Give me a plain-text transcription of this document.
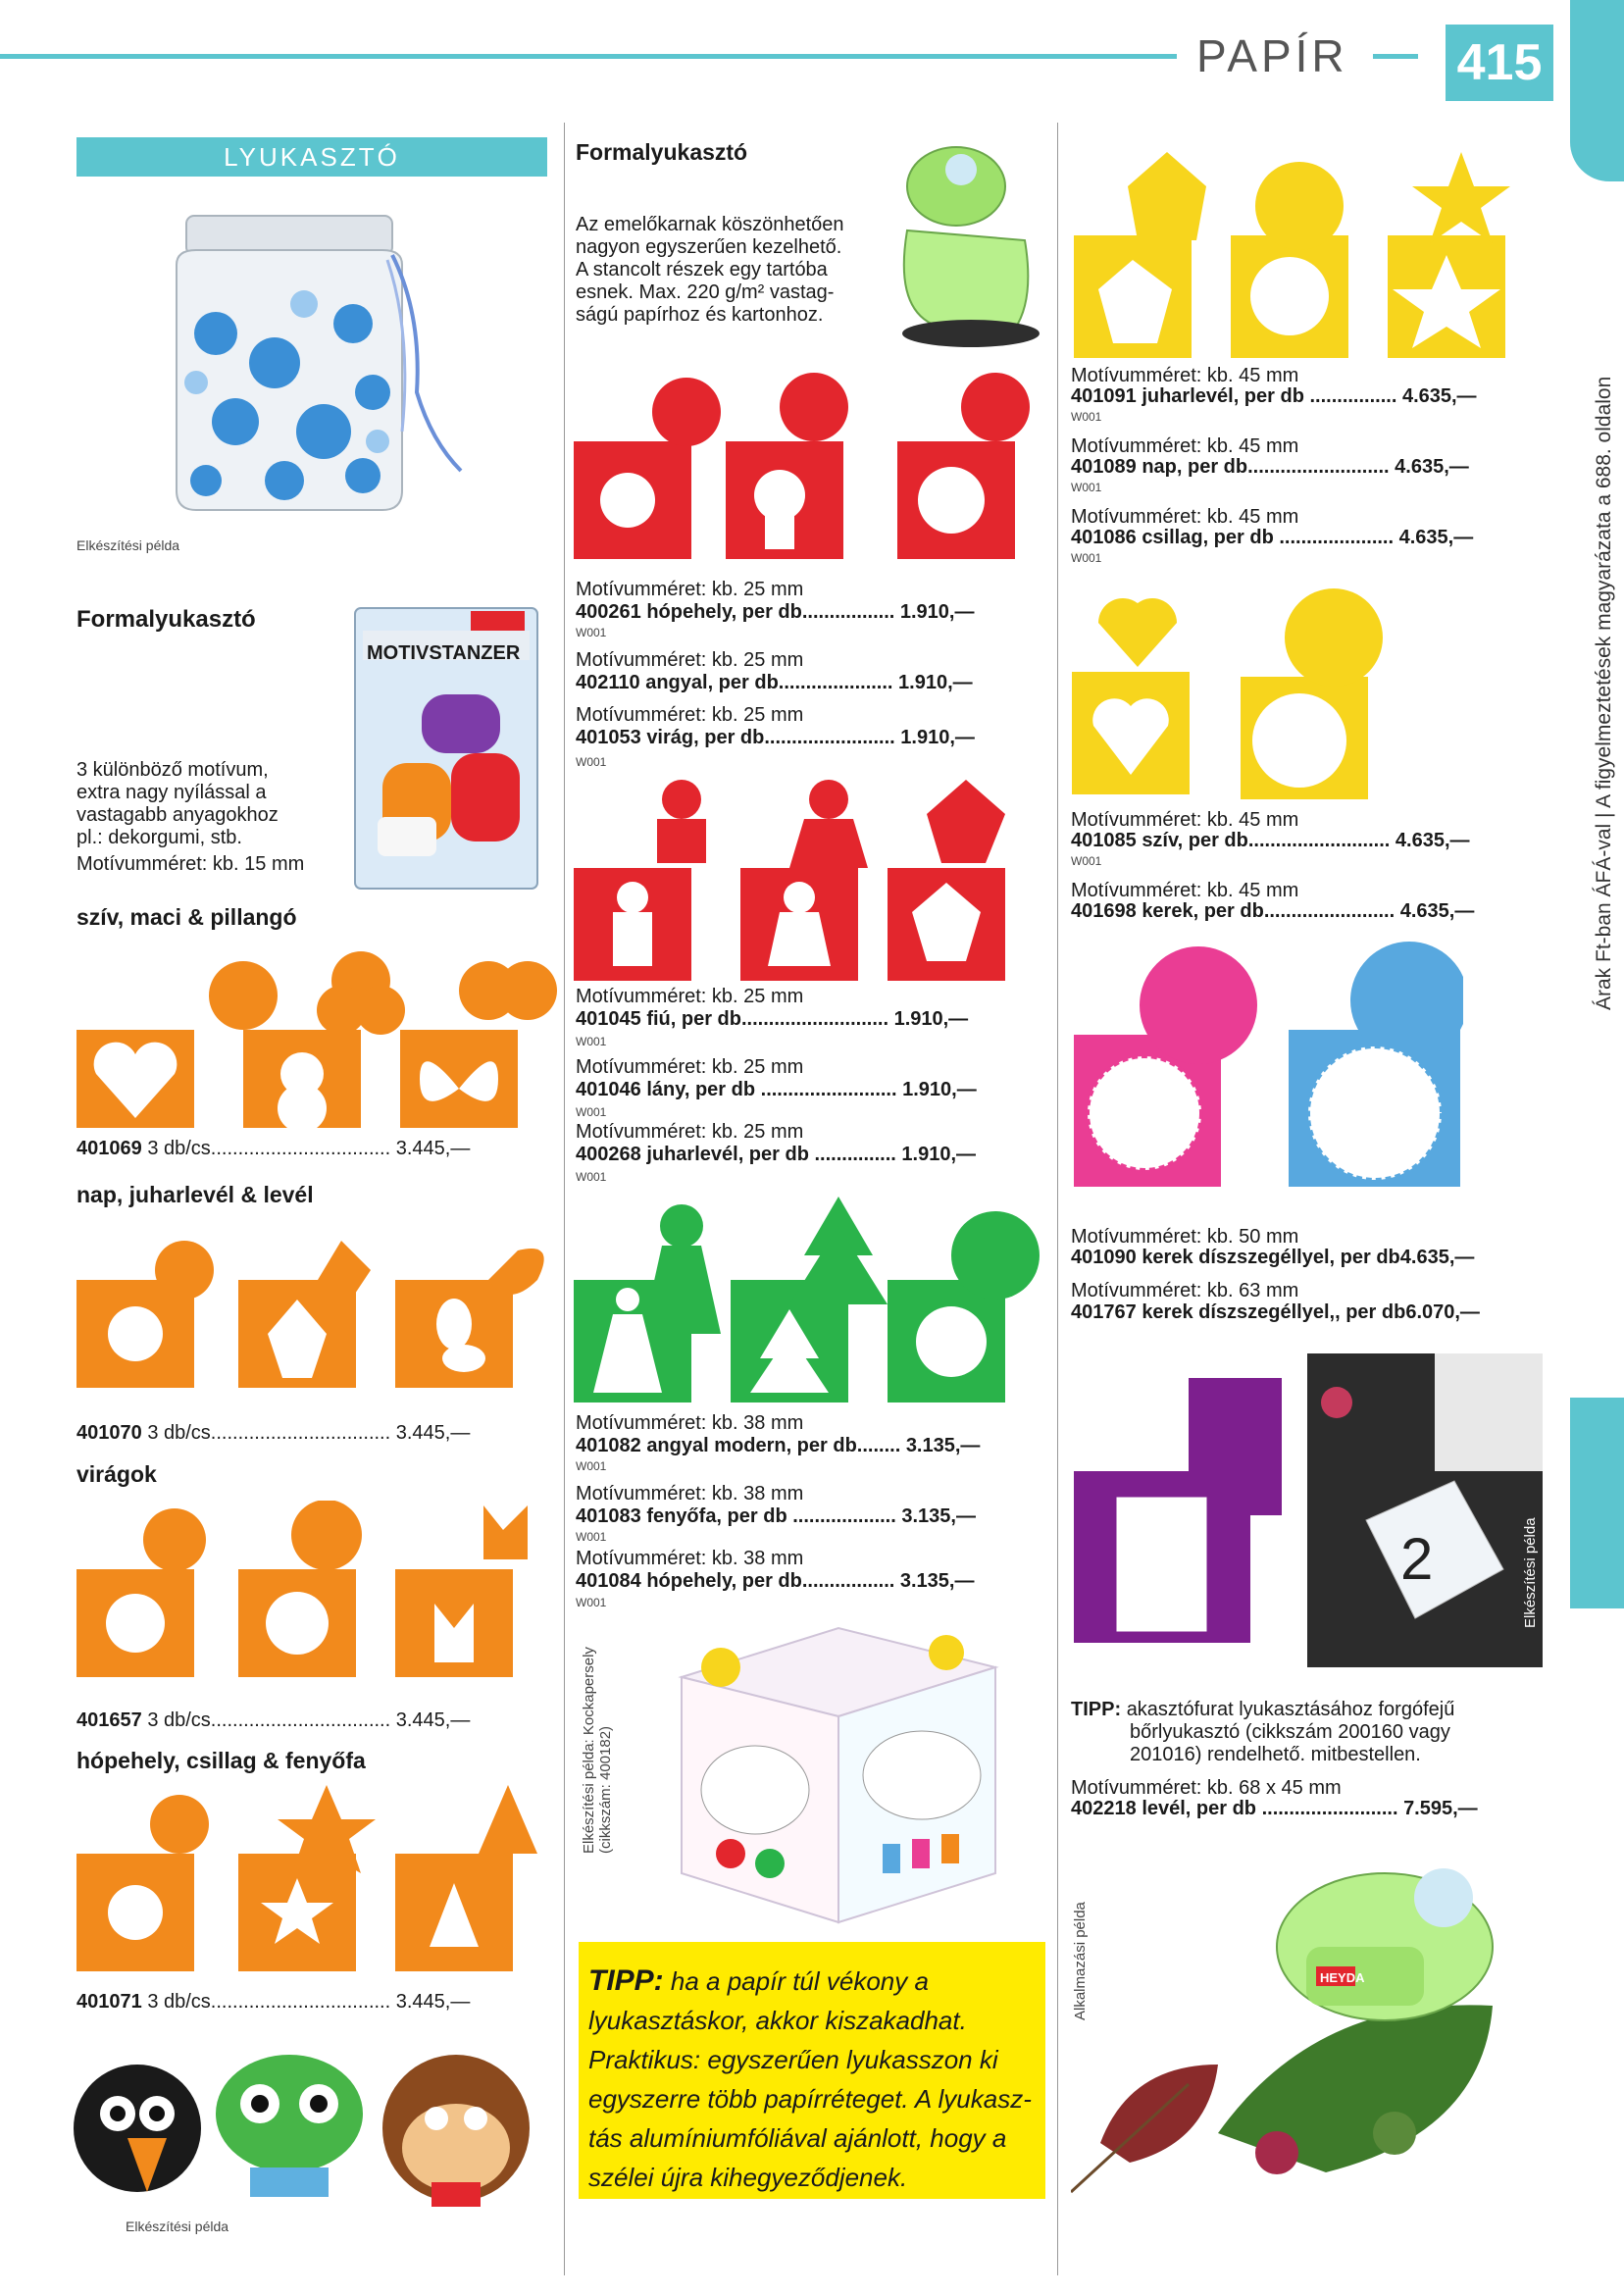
PAPÍR 415
Árak Ft-ban ÁFÁ-val | A figyelmeztetések magyarázata a 688. oldalon
LYUKASZTÓ
Elkészítési példa
Formalyukasztó
MOTIVSTANZER
3 különböző motívum,
extra nagy nyílással a
vastagabb anyagokhoz
pl.: dekorgumi, stb.
Motívumméret: kb. 15 mm
szív, maci & pillangó
401069 3 db/cs................................. 3.445,—
nap, juharlevél & levél
401070 3 db/cs................................. 3.445,—
virágok
401657 3 db/cs................................. 3.445,—
hópehely, csillag & fenyőfa
401071 3 db/cs................................. 3.445,—
Elkészítési példa
Formalyukasztó
Az emelőkarnak köszönhetően
nagyon egyszerűen kezelhető.
A stancolt részek egy tartóba
esnek. Max. 220 g/m² vastag-
ságú papírhoz és kartonhoz.
Motívumméret: kb. 25 mm
400261 hópehely, per db................. 1.910,—
W001
Motívumméret: kb. 25 mm
402110 angyal, per db..................... 1.910,—
Motívumméret: kb. 25 mm
401053 virág, per db........................ 1.910,—
W001
Motívumméret: kb. 25 mm
401045 fiú, per db........................... 1.910,—
W001
Motívumméret: kb. 25 mm
401046 lány, per db ......................... 1.910,—
W001
Motívumméret: kb. 25 mm
400268 juharlevél, per db ............... 1.910,—
W001
Motívumméret: kb. 38 mm
401082 angyal modern, per db........ 3.135,—
W001
Motívumméret: kb. 38 mm
401083 fenyőfa, per db ................... 3.135,—
W001
Motívumméret: kb. 38 mm
401084 hópehely, per db................. 3.135,—
W001
Elkészítési példa: Kockapersely (cikkszám: 400182)
TIPP: ha a papír túl vékony a
lyukasztáskor, akkor kiszakadhat.
Praktikus: egyszerűen lyukasszon ki
egyszerre több papírréteget. A lyukasz-
tás alumíniumfóliával ajánlott, hogy a
szélei újra kihegyeződjenek.
Motívumméret: kb. 45 mm
401091 juharlevél, per db ................ 4.635,—
W001
Motívumméret: kb. 45 mm
401089 nap, per db.......................... 4.635,—
W001
Motívumméret: kb. 45 mm
401086 csillag, per db ..................... 4.635,—
W001
Motívumméret: kb. 45 mm
401085 szív, per db.......................... 4.635,—
W001
Motívumméret: kb. 45 mm
401698 kerek, per db........................ 4.635,—
Motívumméret: kb. 50 mm
401090 kerek díszszegéllyel, per db4.635,—
Motívumméret: kb. 63 mm
401767 kerek díszszegéllyel,, per db6.070,—
2	Elkészítési példa
TIPP: akasztófurat lyukasztásához forgófejű
bőrlyukasztó (cikkszám 200160 vagy
201016) rendelhető. mitbestellen.
Motívumméret: kb. 68 x 45 mm
402218 levél, per db ......................... 7.595,—
HEYDA
Alkalmazási példa
